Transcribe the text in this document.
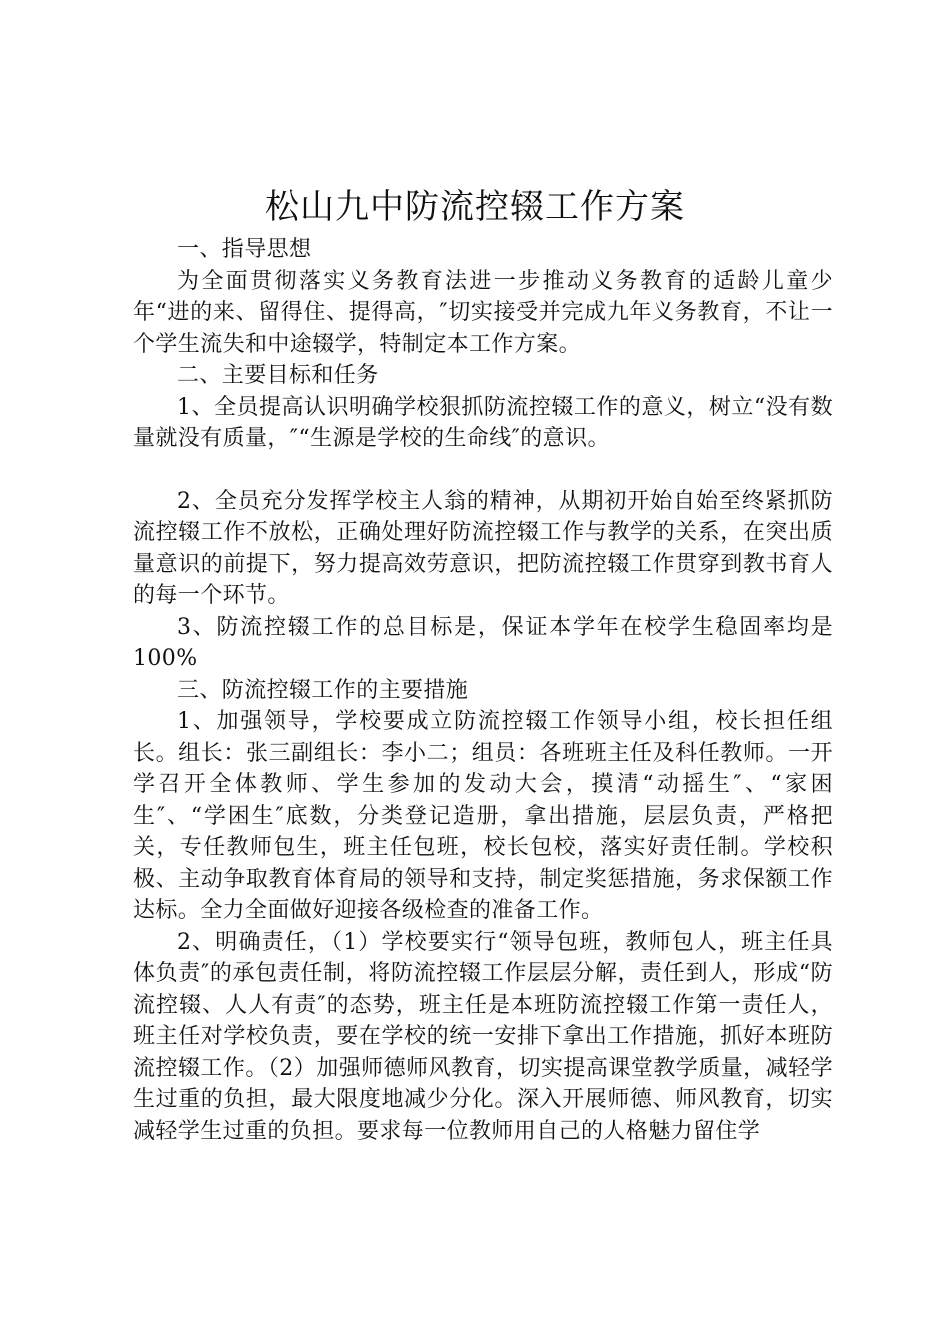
松山九中防流控辍工作方案

一、指导思想

为全面贯彻落实义务教育法进一步推动义务教育的适龄儿童少年“进的来、留得住、提得高，″切实接受并完成九年义务教育，不让一个学生流失和中途辍学，特制定本工作方案。

二、主要目标和任务

1、全员提高认识明确学校狠抓防流控辍工作的意义，树立“没有数量就没有质量，″“生源是学校的生命线″的意识。

2、全员充分发挥学校主人翁的精神，从期初开始自始至终紧抓防流控辍工作不放松，正确处理好防流控辍工作与教学的关系，在突出质量意识的前提下，努力提高效劳意识，把防流控辍工作贯穿到教书育人的每一个环节。

3、防流控辍工作的总目标是，保证本学年在校学生稳固率均是100%

三、防流控辍工作的主要措施

1、加强领导，学校要成立防流控辍工作领导小组，校长担任组长。组长：张三副组长：李小二；组员：各班班主任及科任教师。一开学召开全体教师、学生参加的发动大会，摸清“动摇生″、“家困生″、“学困生″底数，分类登记造册，拿出措施，层层负责，严格把关，专任教师包生，班主任包班，校长包校，落实好责任制。学校积极、主动争取教育体育局的领导和支持，制定奖惩措施，务求保额工作达标。全力全面做好迎接各级检查的准备工作。

2、明确责任，（1）学校要实行“领导包班，教师包人，班主任具体负责″的承包责任制，将防流控辍工作层层分解，责任到人，形成“防流控辍、人人有责″的态势，班主任是本班防流控辍工作第一责任人，班主任对学校负责，要在学校的统一安排下拿出工作措施，抓好本班防流控辍工作。（2）加强师德师风教育，切实提高课堂教学质量，减轻学生过重的负担，最大限度地减少分化。深入开展师德、师风教育，切实减轻学生过重的负担。要求每一位教师用自己的人格魅力留住学
